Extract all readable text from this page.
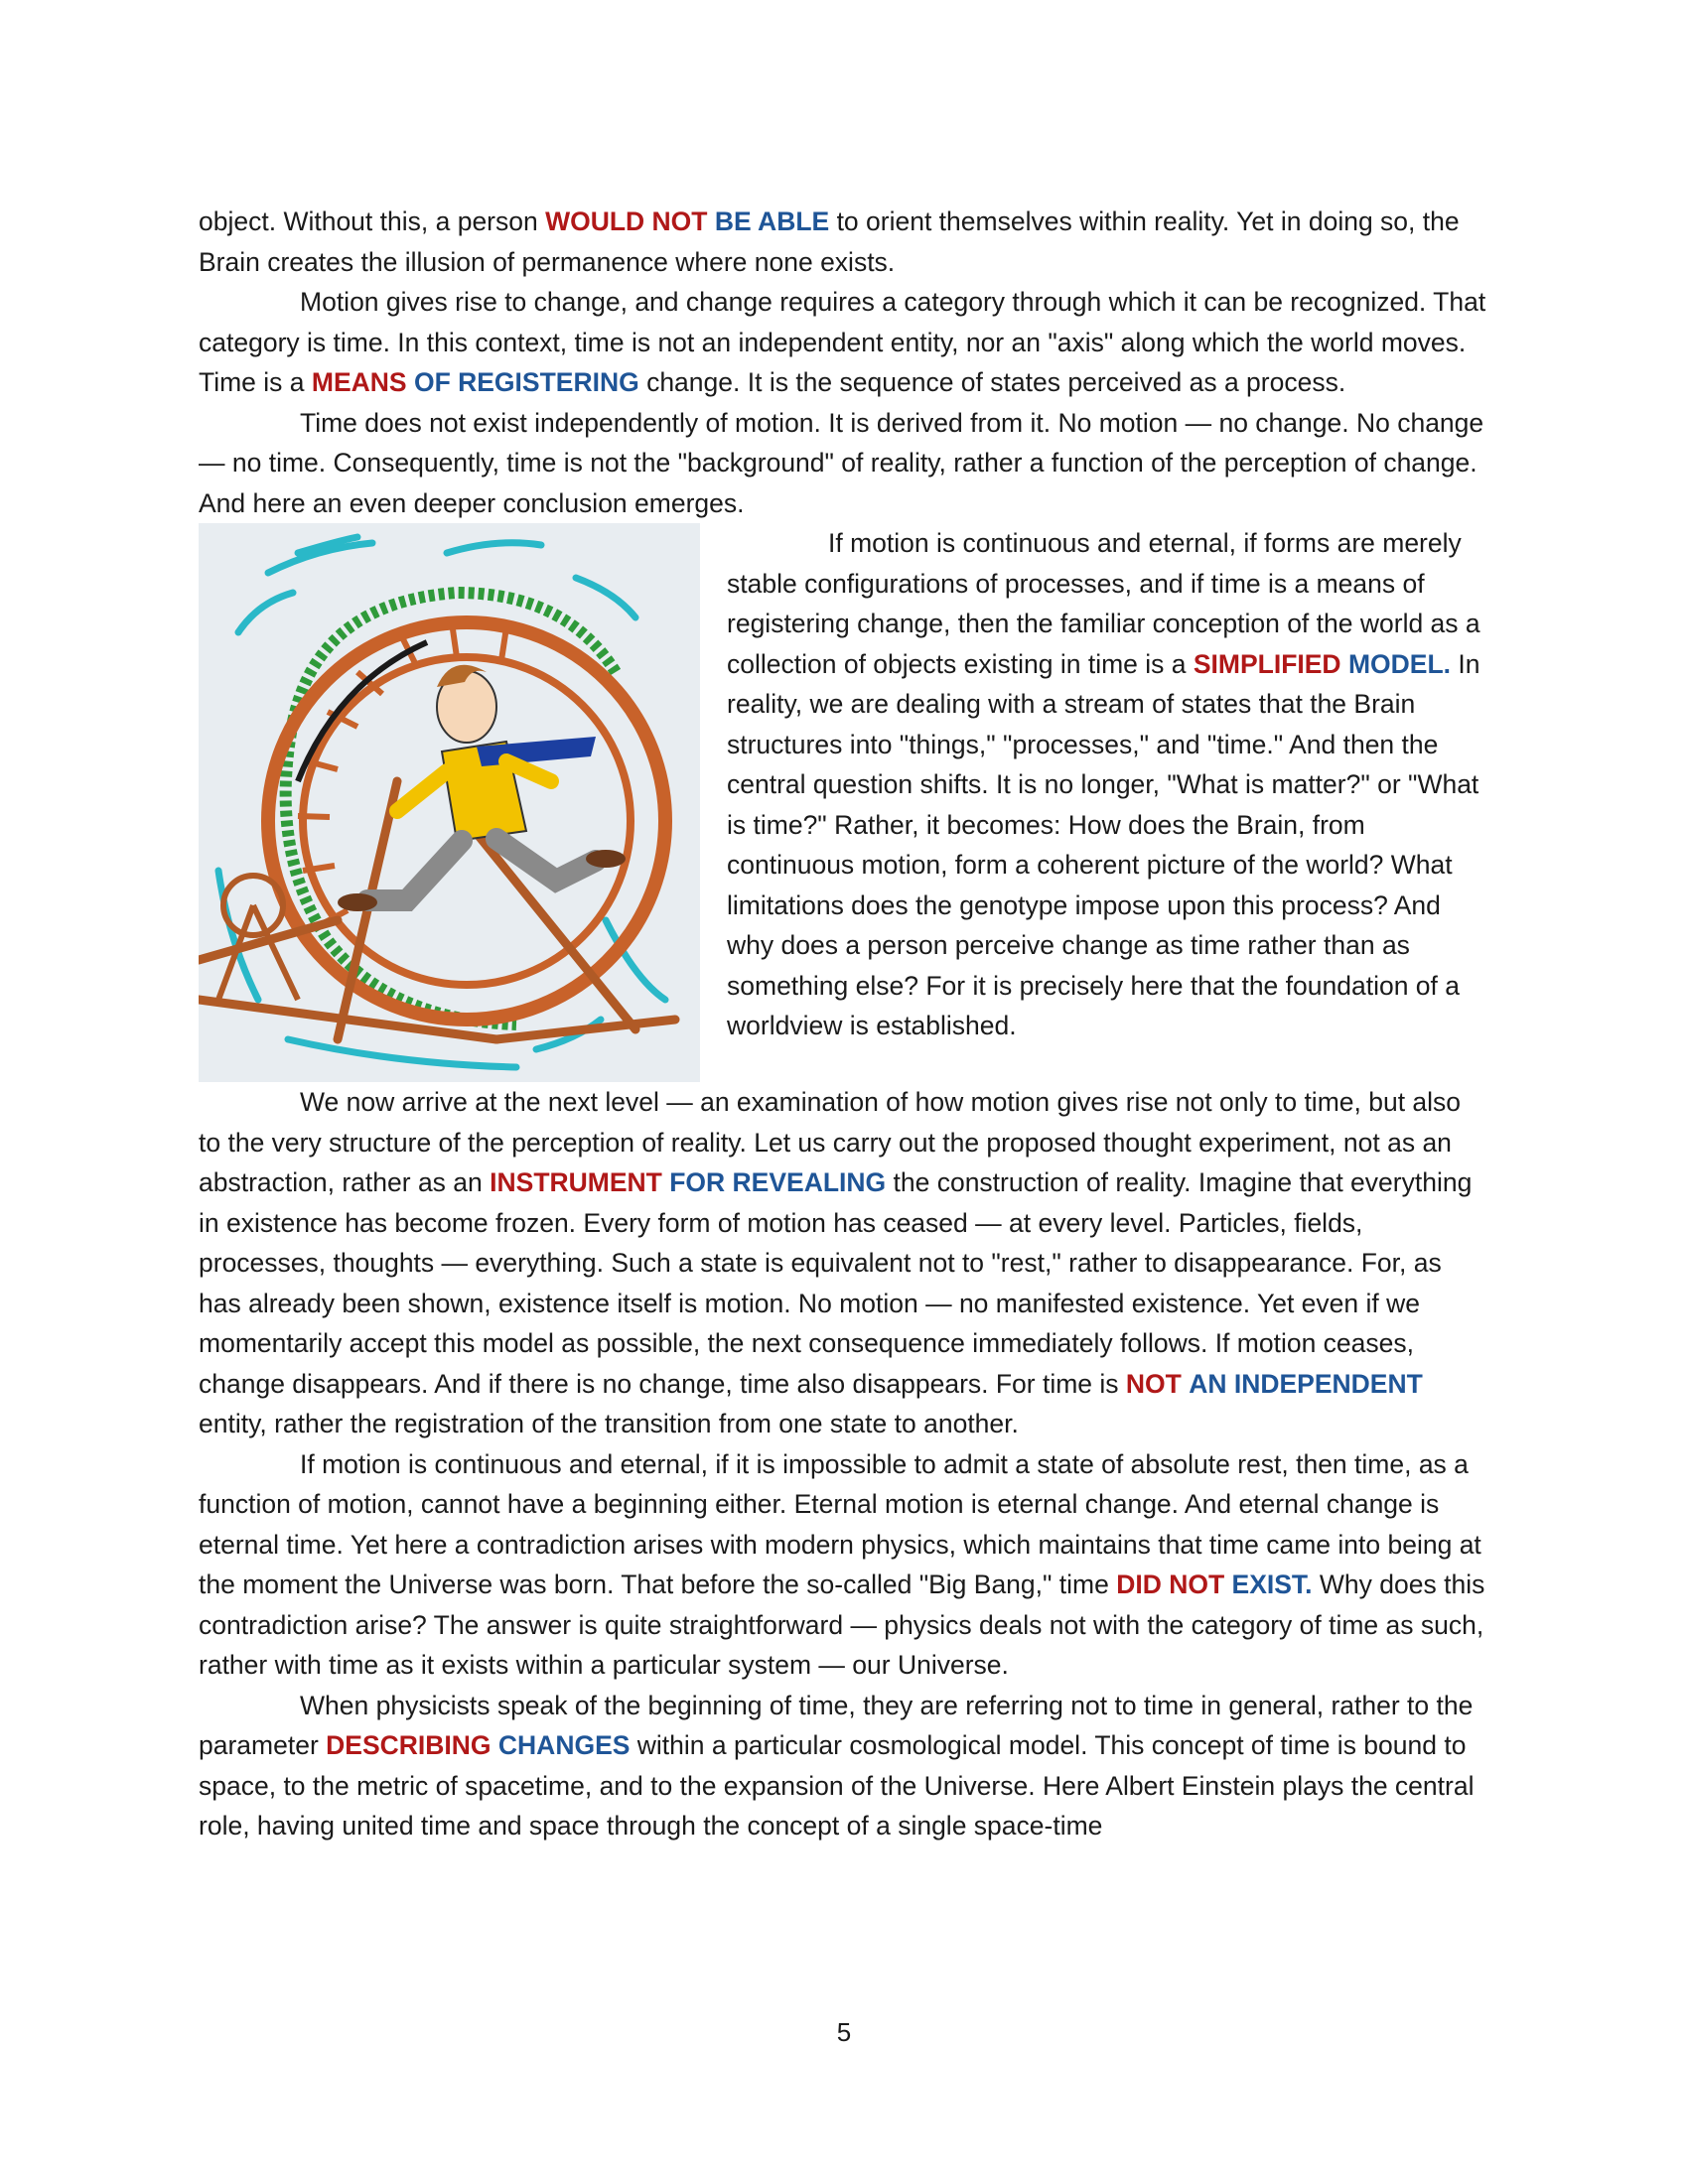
object. Without this, a person WOULD NOT BE ABLE to orient themselves within reality. Yet in doing so, the Brain creates the illusion of permanence where none exists.

Motion gives rise to change, and change requires a category through which it can be recognized. That category is time. In this context, time is not an independent entity, nor an "axis" along which the world moves. Time is a MEANS OF REGISTERING change. It is the sequence of states perceived as a process.

Time does not exist independently of motion. It is derived from it. No motion — no change. No change — no time. Consequently, time is not the "background" of reality, rather a function of the perception of change. And here an even deeper conclusion emerges.

If motion is continuous and eternal, if forms are merely stable configurations of processes, and if time is a means of registering change, then the familiar conception of the world as a collection of objects existing in time is a SIMPLIFIED MODEL. In reality, we are dealing with a stream of states that the Brain structures into "things," "processes," and "time." And then the central question shifts. It is no longer, "What is matter?" or "What is time?" Rather, it becomes: How does the Brain, from continuous motion, form a coherent picture of the world? What limitations does the genotype impose upon this process? And why does a person perceive change as time rather than as something else? For it is precisely here that the foundation of a worldview is established.

We now arrive at the next level — an examination of how motion gives rise not only to time, but also to the very structure of the perception of reality. Let us carry out the proposed thought experiment, not as an abstraction, rather as an INSTRUMENT FOR REVEALING the construction of reality. Imagine that everything in existence has become frozen. Every form of motion has ceased — at every level. Particles, fields, processes, thoughts — everything. Such a state is equivalent not to "rest," rather to disappearance. For, as has already been shown, existence itself is motion. No motion — no manifested existence. Yet even if we momentarily accept this model as possible, the next consequence immediately follows. If motion ceases, change disappears. And if there is no change, time also disappears. For time is NOT AN INDEPENDENT entity, rather the registration of the transition from one state to another.

If motion is continuous and eternal, if it is impossible to admit a state of absolute rest, then time, as a function of motion, cannot have a beginning either. Eternal motion is eternal change. And eternal change is eternal time. Yet here a contradiction arises with modern physics, which maintains that time came into being at the moment the Universe was born. That before the so-called "Big Bang," time DID NOT EXIST. Why does this contradiction arise? The answer is quite straightforward — physics deals not with the category of time as such, rather with time as it exists within a particular system — our Universe.

When physicists speak of the beginning of time, they are referring not to time in general, rather to the parameter DESCRIBING CHANGES within a particular cosmological model. This concept of time is bound to space, to the metric of spacetime, and to the expansion of the Universe. Here Albert Einstein plays the central role, having united time and space through the concept of a single space-time

5
